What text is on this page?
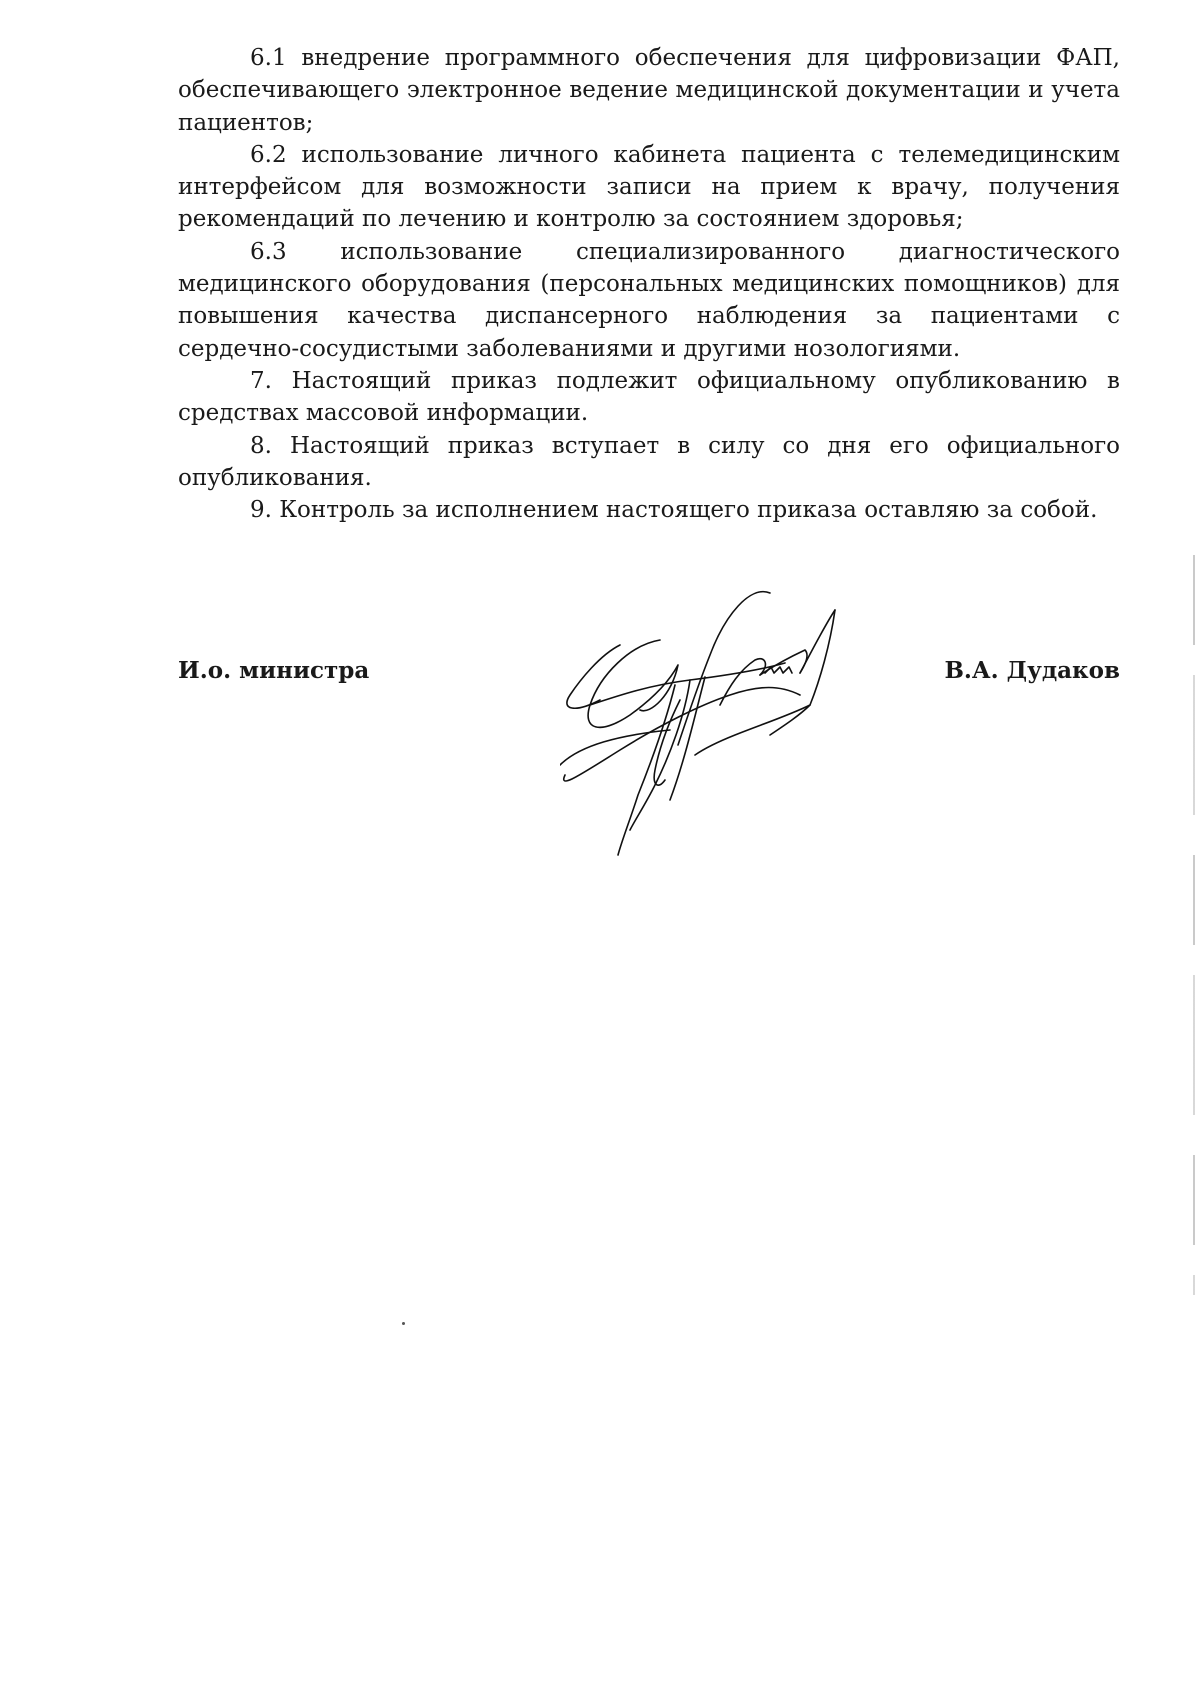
6.1 внедрение программного обеспечения для цифровизации ФАП, обеспечивающего электронное ведение медицинской документации и учета пациентов;

6.2 использование личного кабинета пациента с телемедицинским интерфейсом для возможности записи на прием к врачу, получения рекомендаций по лечению и контролю за состоянием здоровья;

6.3 использование специализированного диагностического медицинского оборудования (персональных медицинских помощников) для повышения качества диспансерного наблюдения за пациентами с сердечно-сосудистыми заболеваниями и другими нозологиями.

7. Настоящий приказ подлежит официальному опубликованию в средствах массовой информации.

8. Настоящий приказ вступает в силу со дня его официального опубликования.

9. Контроль за исполнением настоящего приказа оставляю за собой.

И.о. министра	В.А. Дудаков
